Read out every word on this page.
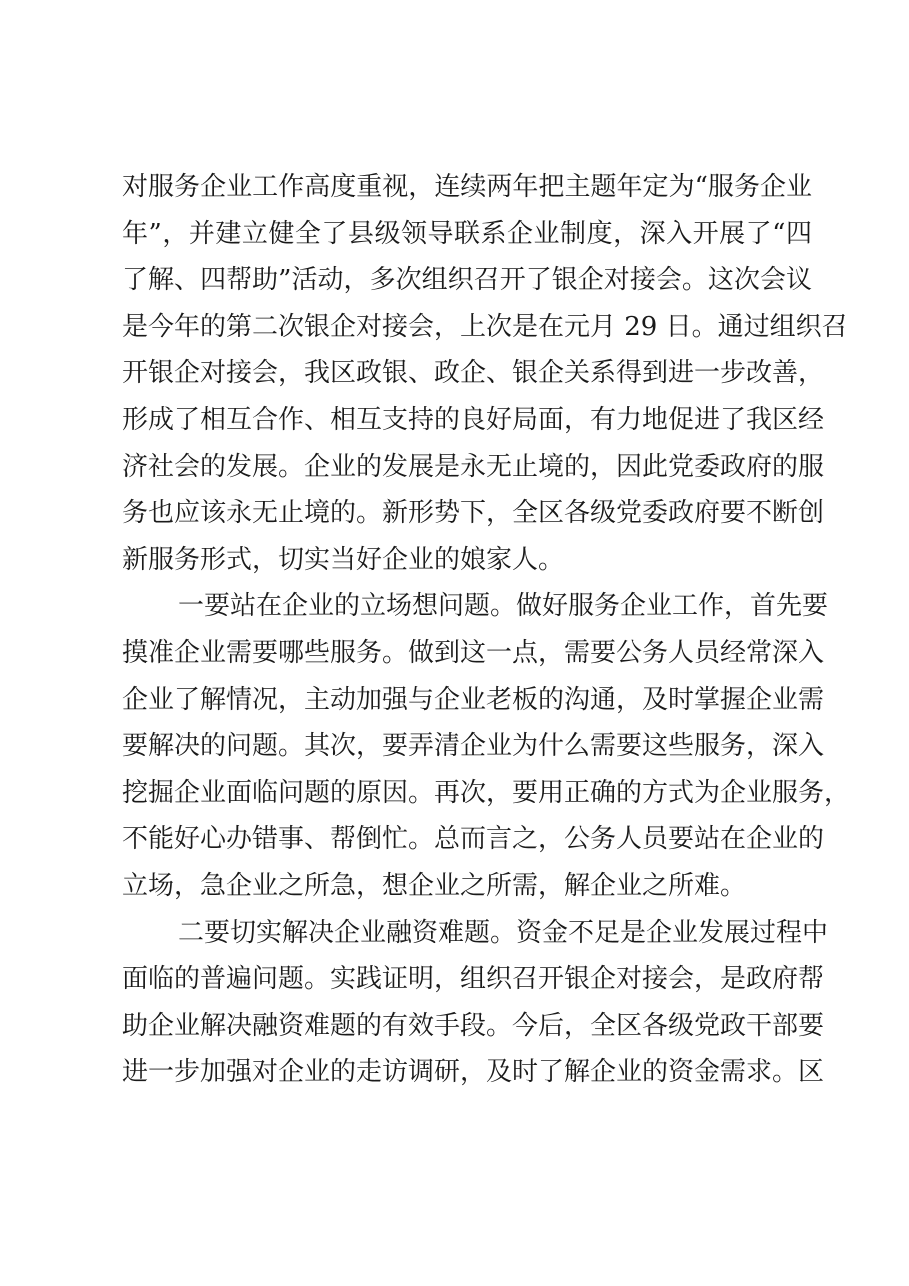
对服务企业工作高度重视，连续两年把主题年定为“服务企业
年”，并建立健全了县级领导联系企业制度，深入开展了“四
了解、四帮助”活动，多次组织召开了银企对接会。这次会议
是今年的第二次银企对接会，上次是在元月 29 日。通过组织召
开银企对接会，我区政银、政企、银企关系得到进一步改善，
形成了相互合作、相互支持的良好局面，有力地促进了我区经
济社会的发展。企业的发展是永无止境的，因此党委政府的服
务也应该永无止境的。新形势下，全区各级党委政府要不断创
新服务形式，切实当好企业的娘家人。
一要站在企业的立场想问题。做好服务企业工作，首先要
摸准企业需要哪些服务。做到这一点，需要公务人员经常深入
企业了解情况，主动加强与企业老板的沟通，及时掌握企业需
要解决的问题。其次，要弄清企业为什么需要这些服务，深入
挖掘企业面临问题的原因。再次，要用正确的方式为企业服务，
不能好心办错事、帮倒忙。总而言之，公务人员要站在企业的
立场，急企业之所急，想企业之所需，解企业之所难。
二要切实解决企业融资难题。资金不足是企业发展过程中
面临的普遍问题。实践证明，组织召开银企对接会，是政府帮
助企业解决融资难题的有效手段。今后，全区各级党政干部要
进一步加强对企业的走访调研，及时了解企业的资金需求。区
